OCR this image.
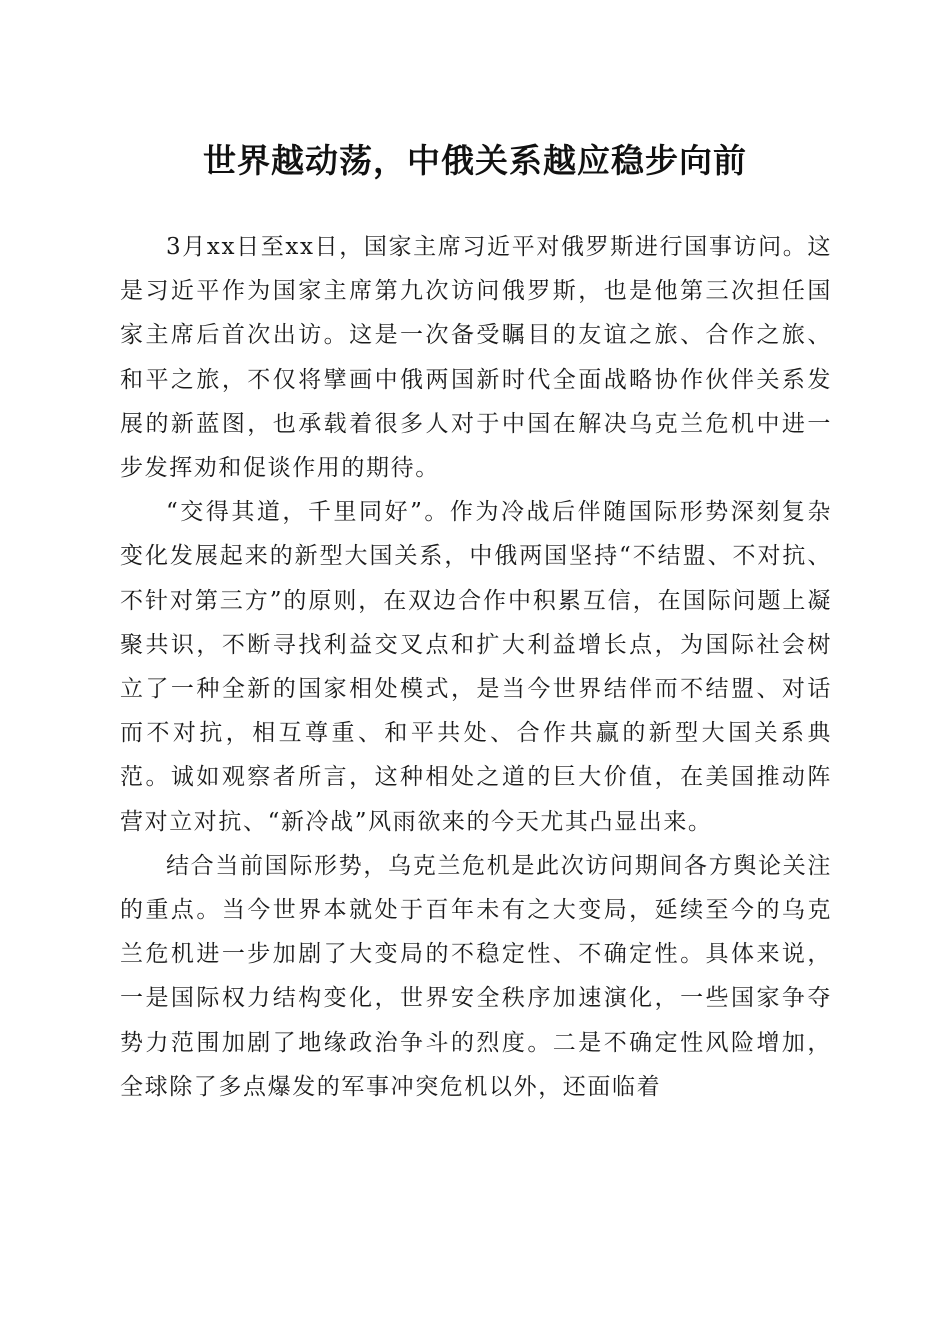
世界越动荡，中俄关系越应稳步向前

3月xx日至xx日，国家主席习近平对俄罗斯进行国事访问。这是习近平作为国家主席第九次访问俄罗斯，也是他第三次担任国家主席后首次出访。这是一次备受瞩目的友谊之旅、合作之旅、和平之旅，不仅将擘画中俄两国新时代全面战略协作伙伴关系发展的新蓝图，也承载着很多人对于中国在解决乌克兰危机中进一步发挥劝和促谈作用的期待。

“交得其道，千里同好”。作为冷战后伴随国际形势深刻复杂变化发展起来的新型大国关系，中俄两国坚持“不结盟、不对抗、不针对第三方”的原则，在双边合作中积累互信，在国际问题上凝聚共识，不断寻找利益交叉点和扩大利益增长点，为国际社会树立了一种全新的国家相处模式，是当今世界结伴而不结盟、对话而不对抗，相互尊重、和平共处、合作共赢的新型大国关系典范。诚如观察者所言，这种相处之道的巨大价值，在美国推动阵营对立对抗、“新冷战”风雨欲来的今天尤其凸显出来。

结合当前国际形势，乌克兰危机是此次访问期间各方舆论关注的重点。当今世界本就处于百年未有之大变局，延续至今的乌克兰危机进一步加剧了大变局的不稳定性、不确定性。具体来说，一是国际权力结构变化，世界安全秩序加速演化，一些国家争夺势力范围加剧了地缘政治争斗的烈度。二是不确定性风险增加，全球除了多点爆发的军事冲突危机以外，还面临着
